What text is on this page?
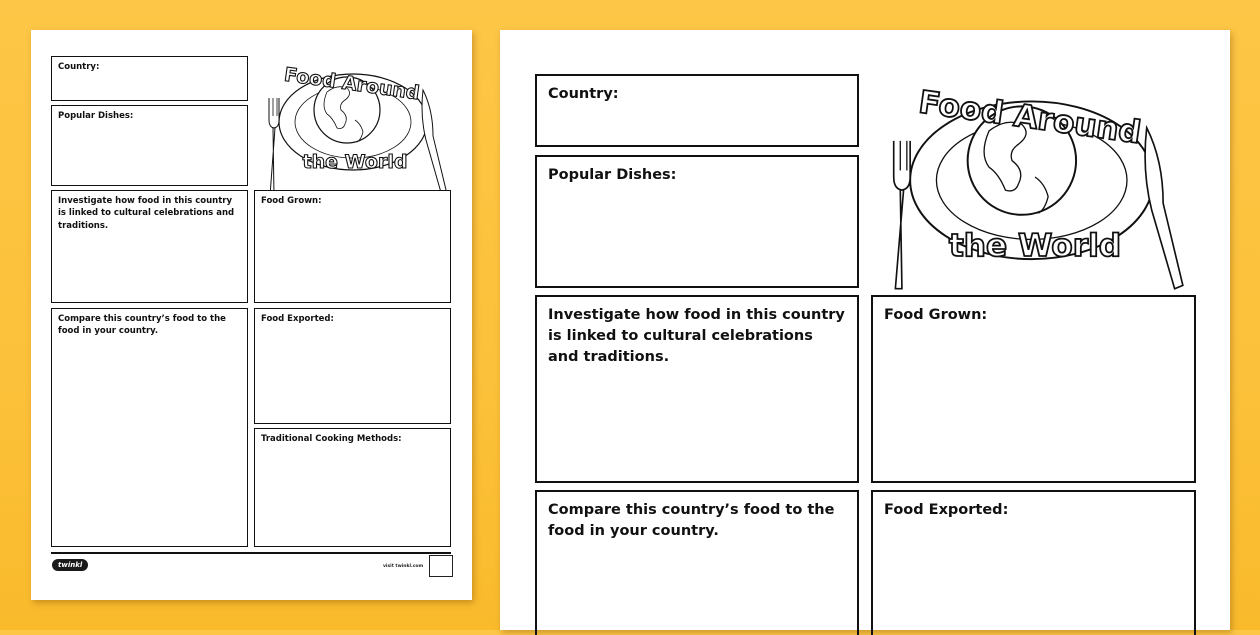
Country:
Popular Dishes:
Food Around
the World
Investigate how food in this country is linked to cultural celebrations and traditions.
Food Grown:
Compare this country’s food to the food in your country.
Food Exported:
Traditional Cooking Methods:
twinkl	visit twinkl.com
Country:
Popular Dishes:
Food Around
the World
Investigate how food in this country is linked to cultural celebrations and traditions.
Food Grown:
Compare this country’s food to the food in your country.
Food Exported:
